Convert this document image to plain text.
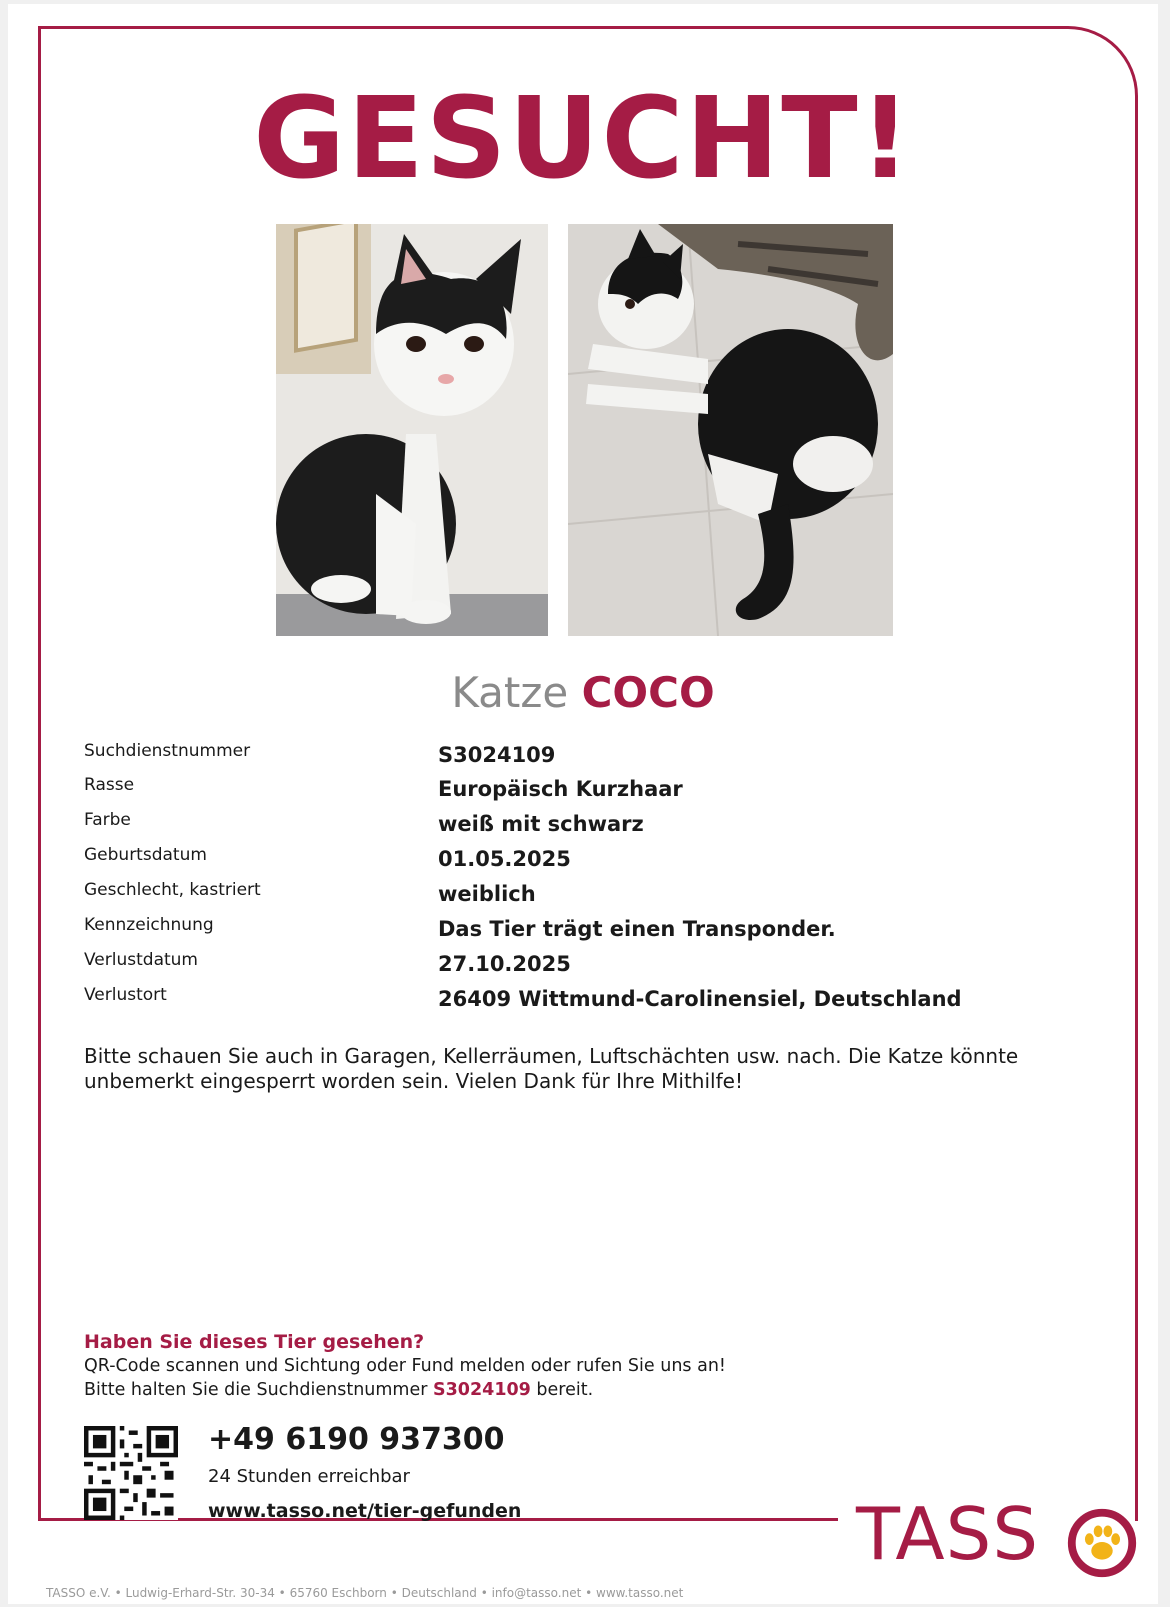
GESUCHT!
Katze COCO
Suchdienstnummer	S3024109
Rasse	Europäisch Kurzhaar
Farbe	weiß mit schwarz
Geburtsdatum	01.05.2025
Geschlecht, kastriert	weiblich
Kennzeichnung	Das Tier trägt einen Transponder.
Verlustdatum	27.10.2025
Verlustort	26409 Wittmund-Carolinensiel, Deutschland
Bitte schauen Sie auch in Garagen, Kellerräumen, Luftschächten usw. nach. Die Katze könnte unbemerkt eingesperrt worden sein. Vielen Dank für Ihre Mithilfe!
Haben Sie dieses Tier gesehen?
QR-Code scannen und Sichtung oder Fund melden oder rufen Sie uns an!
Bitte halten Sie die Suchdienstnummer S3024109 bereit.
+49 6190 937300
24 Stunden erreichbar
www.tasso.net/tier-gefunden	TASS
TASSO e.V. • Ludwig-Erhard-Str. 30-34 • 65760 Eschborn • Deutschland • info@tasso.net • www.tasso.net
